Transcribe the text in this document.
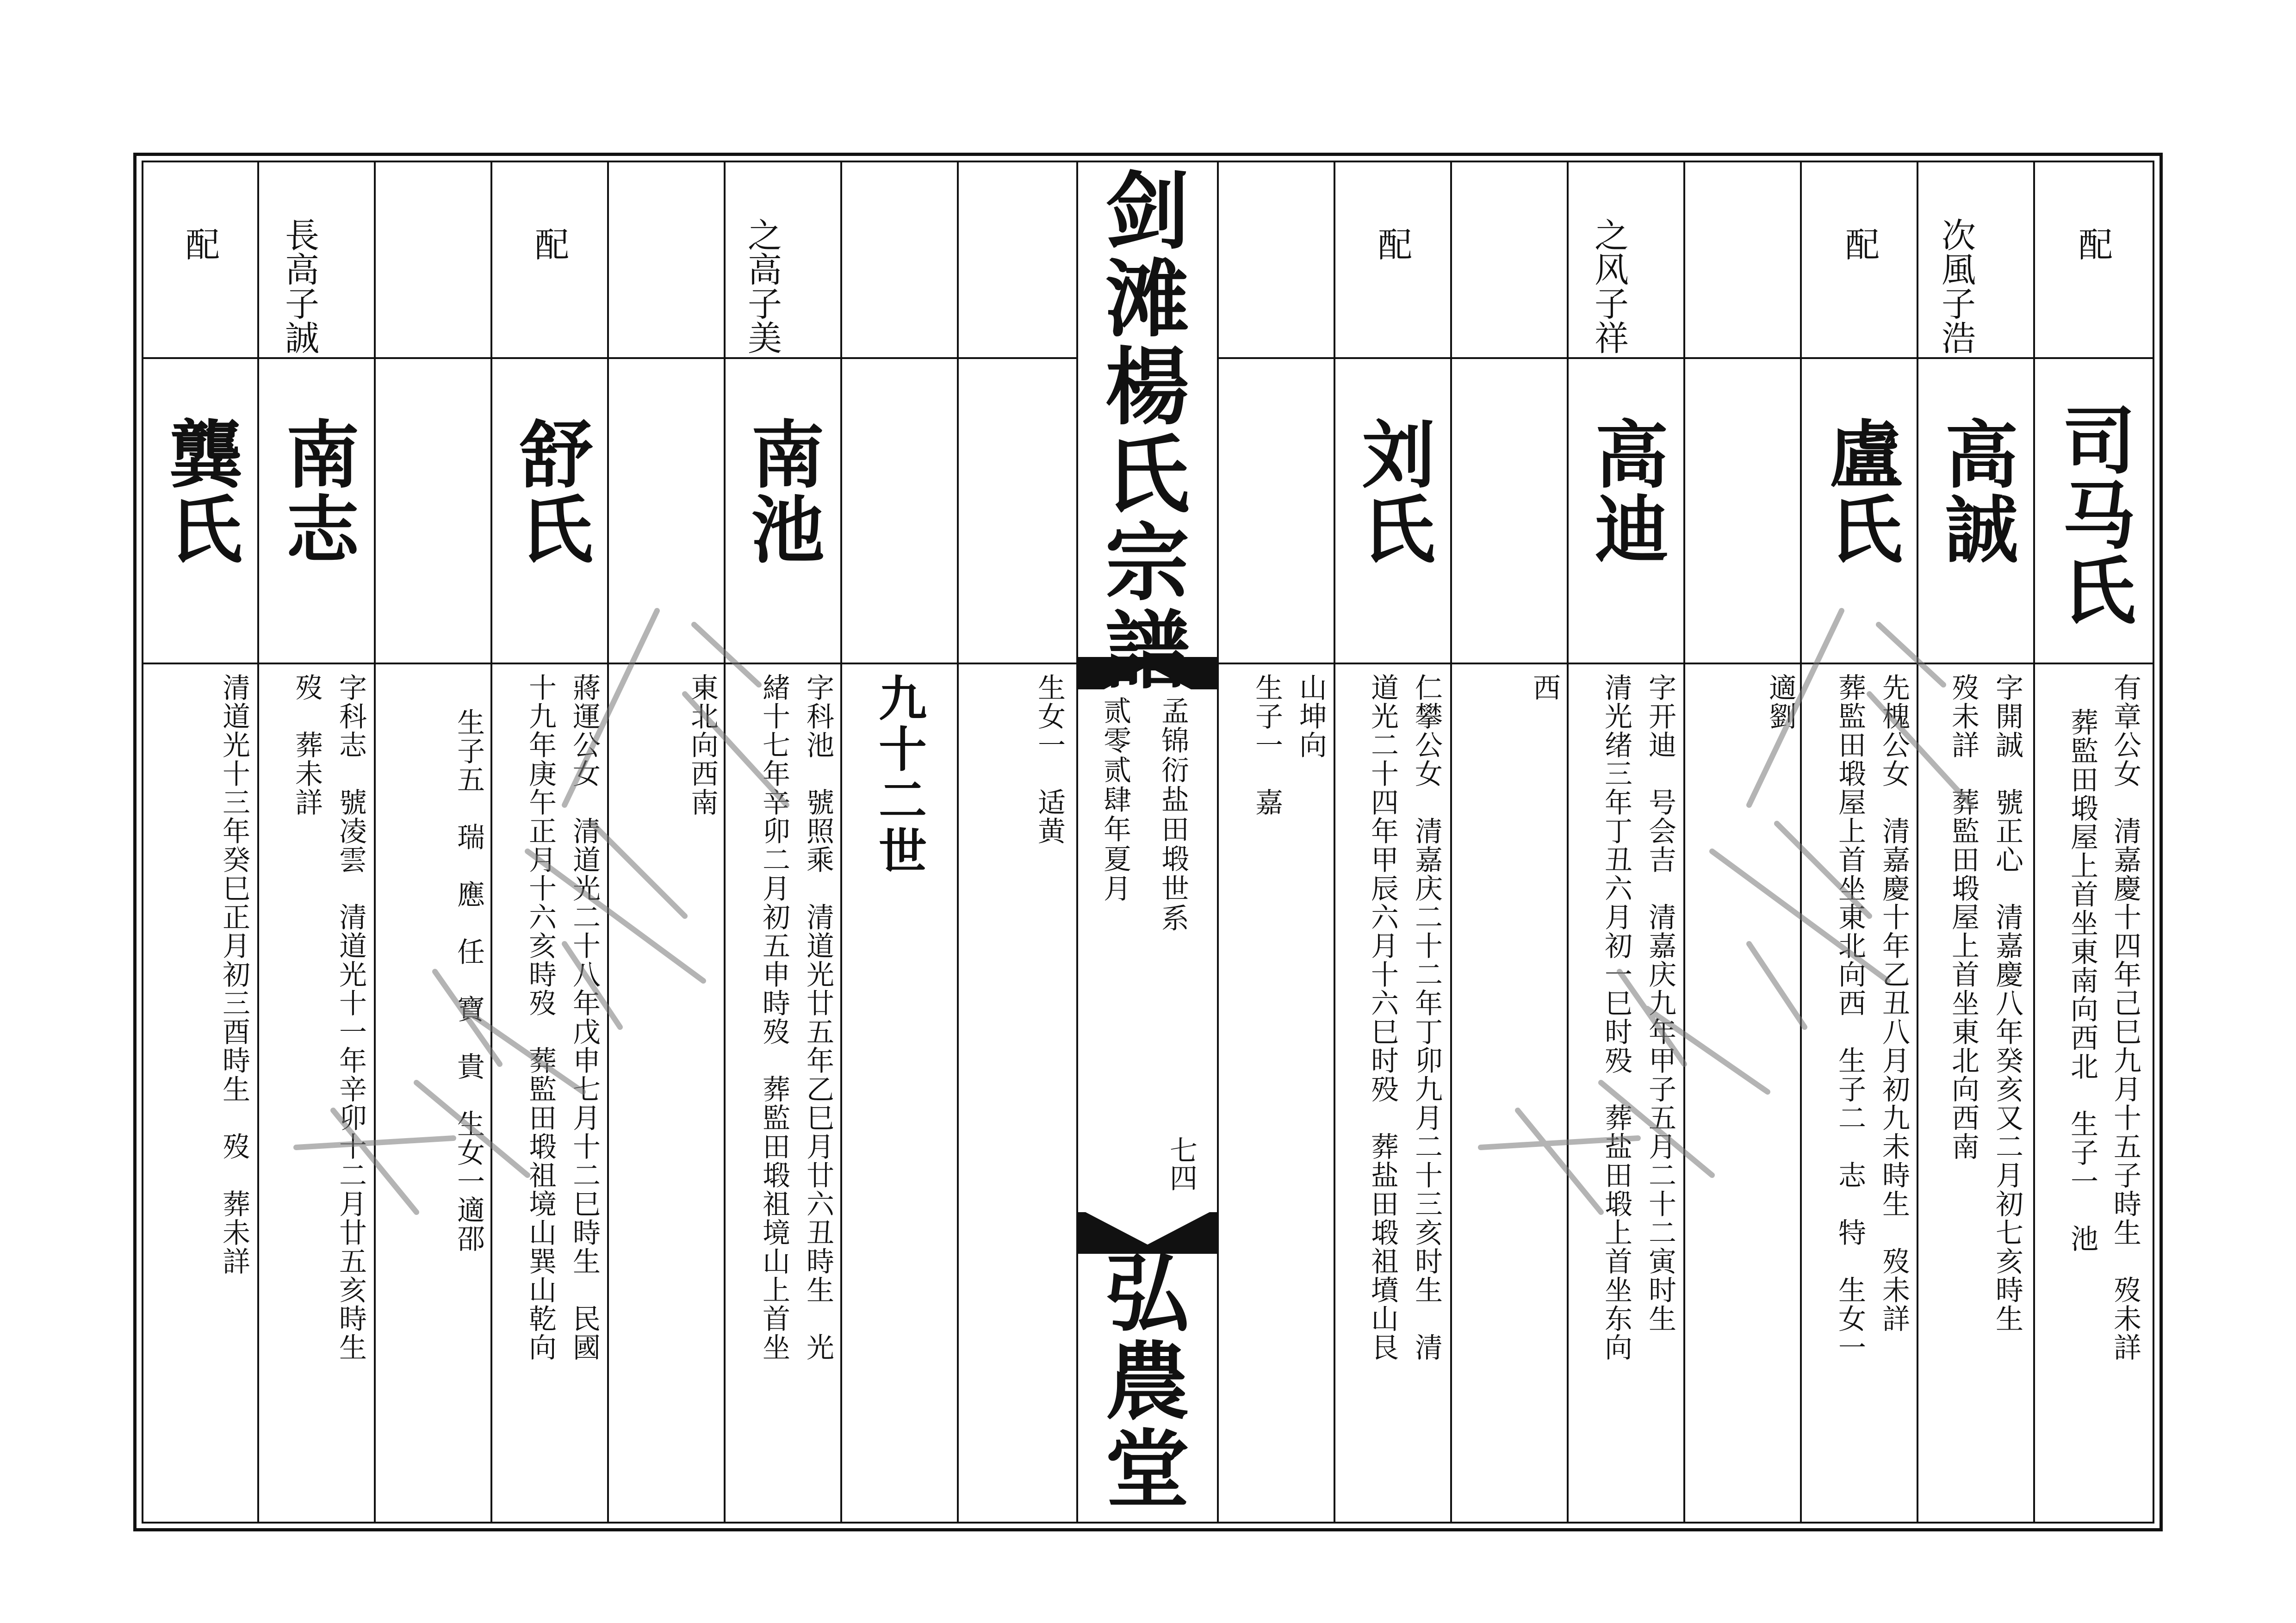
剑滩楊氏宗譜
孟锦衍盐田塅世系
贰零贰肆年夏月
七四
弘農堂
九十二世
配
司马氏
有章公女　清嘉慶十四年己巳九月十五子時生　歿未詳
葬監田塅屋上首坐東南向西北　生子一　池
次風子浩
高誠
字開誠　號正心　清嘉慶八年癸亥又二月初七亥時生
歿未詳　葬監田塅屋上首坐東北向西南
配
盧氏
先槐公女　清嘉慶十年乙丑八月初九未時生　歿未詳
葬監田塅屋上首坐東北向西　生子二　志　特　生女一
適劉
之风子祥
高迪
字开迪　号会吉　清嘉庆九年甲子五月二十二寅时生
清光绪三年丁丑六月初一巳时殁　葬盐田塅上首坐东向
西
配
刘氏
仁攀公女　清嘉庆二十二年丁卯九月二十三亥时生　清
道光二十四年甲辰六月十六巳时殁　葬盐田塅祖墳山艮
山坤向
生子一　嘉
生女一　适黄
之高子美
南池
字科池　號照乘　清道光廿五年乙巳月廿六丑時生　光
緒十七年辛卯二月初五申時歿　葬監田塅祖境山上首坐
東北向西南
配
舒氏
蔣運公女　清道光二十八年戊申七月十二巳時生　民國
十九年庚午正月十六亥時歿　葬監田塅祖境山巽山乾向
生子五　瑞　應　任　寶　貴　生女一適邵
長高子誠
南志
字科志　號凌雲　清道光十一年辛卯十二月廿五亥時生
歿　葬未詳
配
龔氏
清道光十三年癸巳正月初三酉時生　歿　葬未詳
